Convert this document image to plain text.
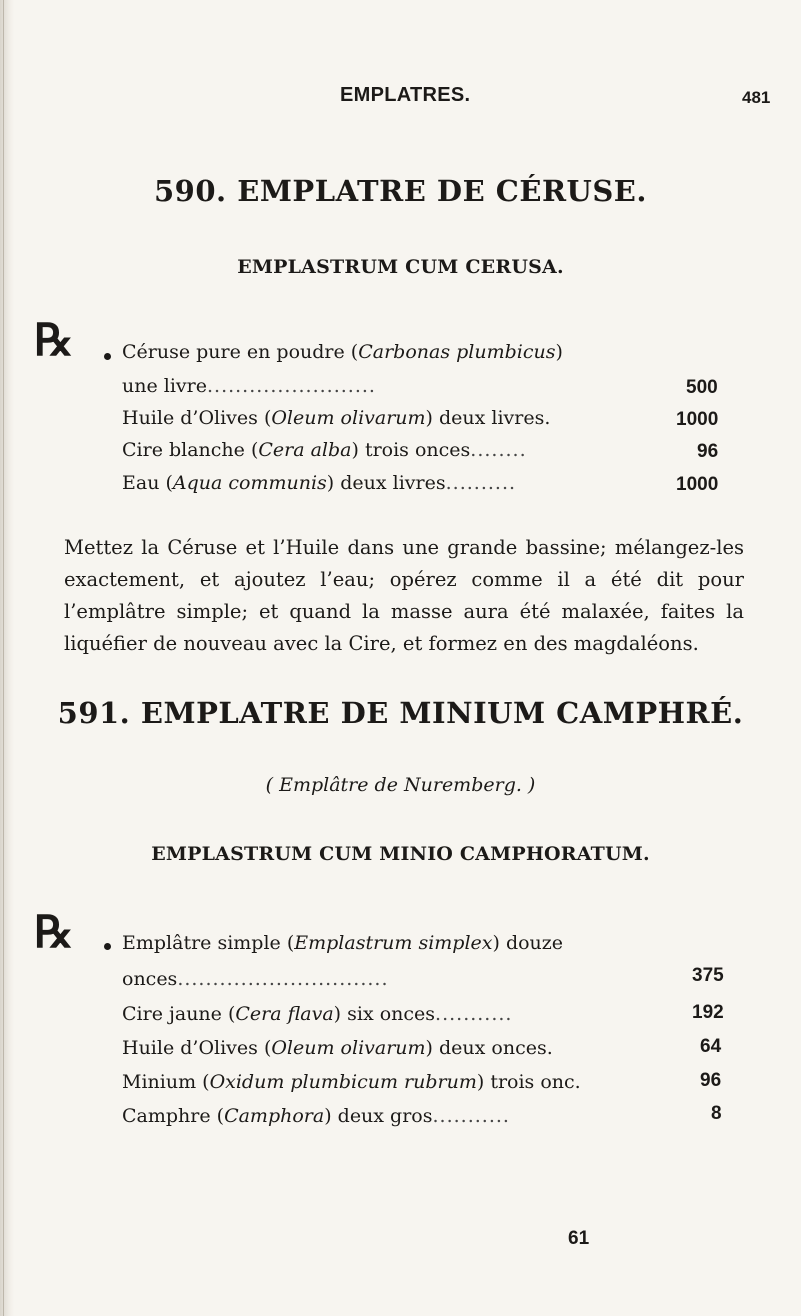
EMPLATRES.	481
590. EMPLATRE DE CÉRUSE.
EMPLASTRUM CUM CERUSA.
℞	Céruse pure en poudre (Carbonas plumbicus)
une livre........................	500
Huile d’Olives (Oleum olivarum) deux livres.	1000
Cire blanche (Cera alba) trois onces........	96
Eau (Aqua communis) deux livres..........	1000

Mettez la Céruse et l’Huile dans une grande bassine; mélangez-les exactement, et ajoutez l’eau; opérez comme il a été dit pour l’emplâtre simple; et quand la masse aura été malaxée, faites la liquéfier de nouveau avec la Cire, et formez en des magdaléons.

591. EMPLATRE DE MINIUM CAMPHRÉ.
( Emplâtre de Nuremberg. )
EMPLASTRUM CUM MINIO CAMPHORATUM.
℞	Emplâtre simple (Emplastrum simplex) douze
onces..............................	375
Cire jaune (Cera flava) six onces...........	192
Huile d’Olives (Oleum olivarum) deux onces.	64
Minium (Oxidum plumbicum rubrum) trois onc.	96
Camphre (Camphora) deux gros...........	8
61
